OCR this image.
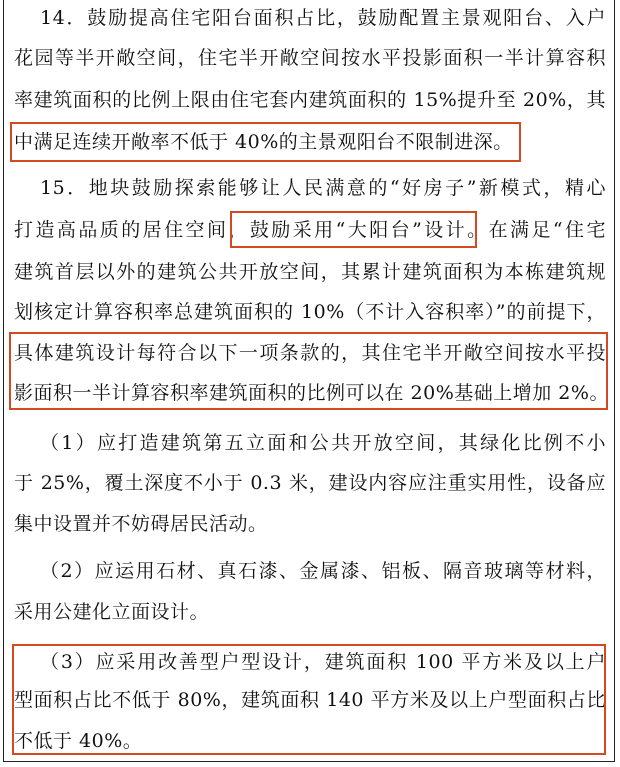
14．鼓励提高住宅阳台面积占比，鼓励配置主景观阳台、入户
花园等半开敞空间，住宅半开敞空间按水平投影面积一半计算容积
率建筑面积的比例上限由住宅套内建筑面积的 15%提升至 20%，其
中满足连续开敞率不低于 40%的主景观阳台不限制进深。
15．地块鼓励探索能够让人民满意的“好房子”新模式，精心
打造高品质的居住空间，鼓励采用“大阳台”设计。在满足“住宅
建筑首层以外的建筑公共开放空间，其累计建筑面积为本栋建筑规
划核定计算容积率总建筑面积的 10%（不计入容积率）”的前提下，
具体建筑设计每符合以下一项条款的，其住宅半开敞空间按水平投
影面积一半计算容积率建筑面积的比例可以在 20%基础上增加 2%。
（1）应打造建筑第五立面和公共开放空间，其绿化比例不小
于 25%，覆土深度不小于 0.3 米，建设内容应注重实用性，设备应
集中设置并不妨碍居民活动。
（2）应运用石材、真石漆、金属漆、铝板、隔音玻璃等材料，
采用公建化立面设计。
（3）应采用改善型户型设计，建筑面积 100 平方米及以上户
型面积占比不低于 80%，建筑面积 140 平方米及以上户型面积占比
不低于 40%。
